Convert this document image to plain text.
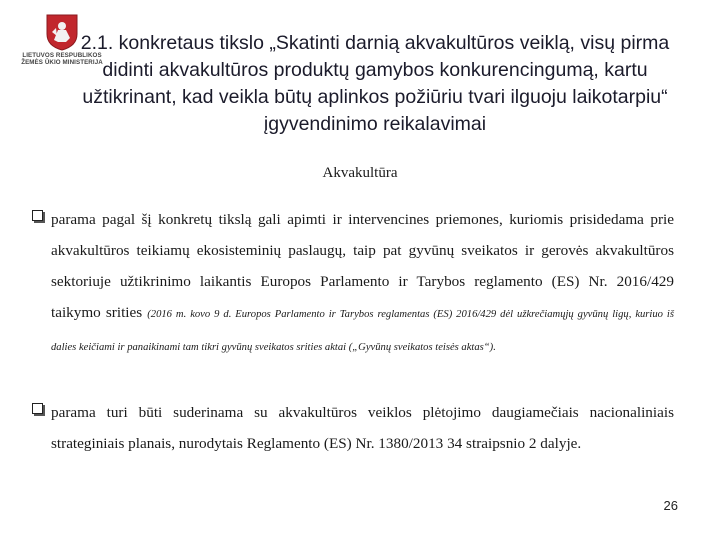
LIETUVOS RESPUBLIKOS
ŽEMĖS ŪKIO MINISTERIJA
2.1. konkretaus tikslo „Skatinti darnią akvakultūros veiklą, visų pirma didinti akvakultūros produktų gamybos konkurencingumą, kartu užtikrinant, kad veikla būtų aplinkos požiūriu tvari ilguoju laikotarpiu“ įgyvendinimo reikalavimai

Akvakultūra

parama pagal šį konkretų tikslą gali apimti ir intervencines priemones, kuriomis prisidedama prie akvakultūros teikiamų ekosisteminių paslaugų, taip pat gyvūnų sveikatos ir gerovės akvakultūros sektoriuje užtikrinimo laikantis Europos Parlamento ir Tarybos reglamento (ES) Nr. 2016/429 taikymo srities (2016 m. kovo 9 d. Europos Parlamento ir Tarybos reglamentas (ES) 2016/429 dėl užkrečiamųjų gyvūnų ligų, kuriuo iš dalies keičiami ir panaikinami tam tikri gyvūnų sveikatos srities aktai („Gyvūnų sveikatos teisės aktas“).

parama turi būti suderinama su akvakultūros veiklos plėtojimo daugiamečiais nacionaliniais strateginiais planais, nurodytais Reglamento (ES) Nr. 1380/2013 34 straipsnio 2 dalyje.

26
